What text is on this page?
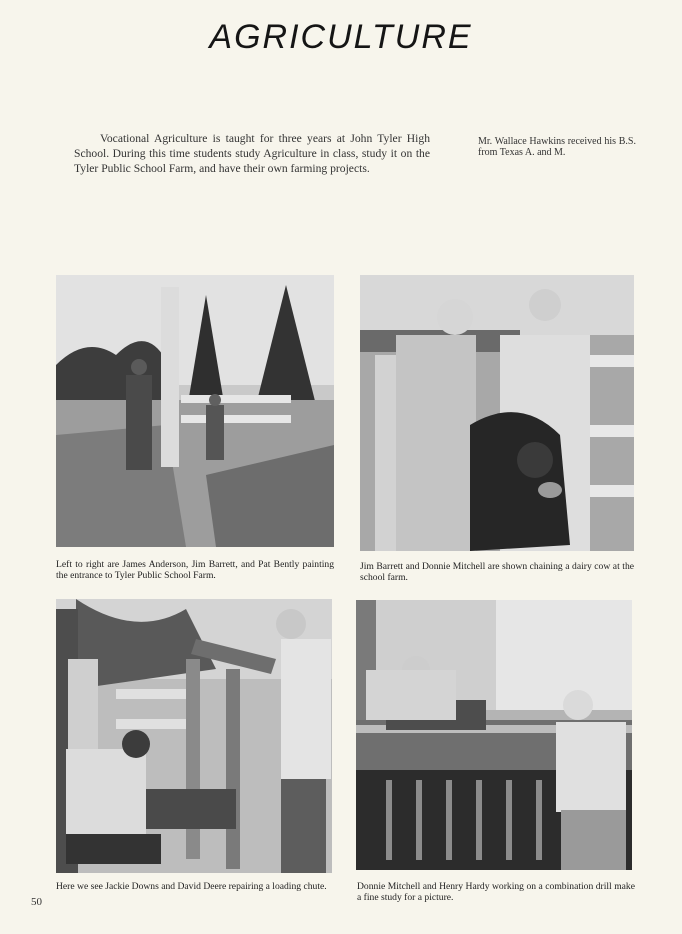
AGRICULTURE

Vocational Agriculture is taught for three years at John Tyler High School. During this time students study Agriculture in class, study it on the Tyler Public School Farm, and have their own farming projects.

Mr. Wallace Hawkins received his B.S. from Texas A. and M.
Left to right are James Anderson, Jim Barrett, and Pat Bently painting the entrance to Tyler Public School Farm.
Jim Barrett and Donnie Mitchell are shown chaining a dairy cow at the school farm.
Here we see Jackie Downs and David Deere repairing a loading chute.	Donnie Mitchell and Henry Hardy working on a combination drill make a fine study for a picture.
50
